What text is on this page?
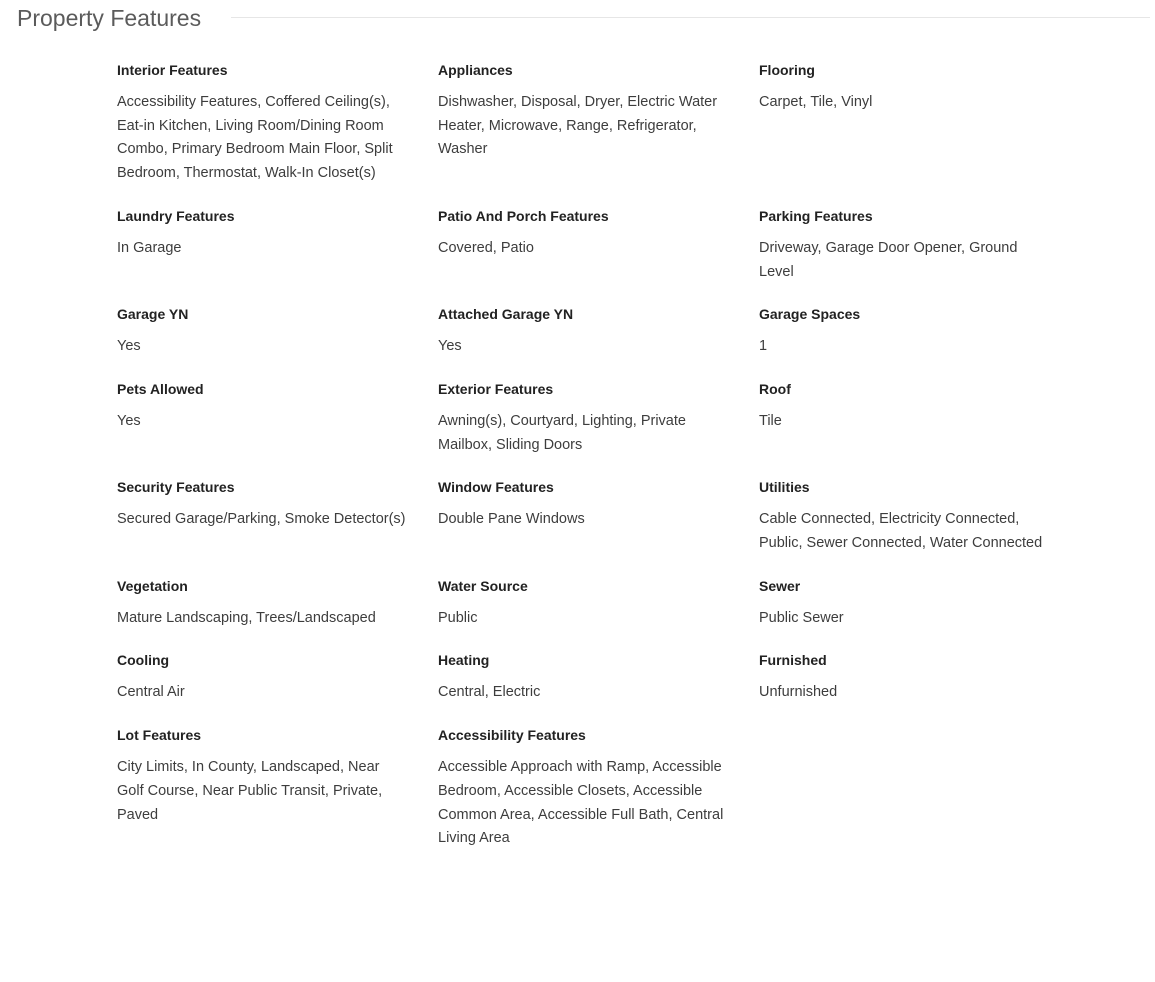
Property Features
Interior Features
Accessibility Features, Coffered Ceiling(s), Eat-in Kitchen, Living Room/Dining Room Combo, Primary Bedroom Main Floor, Split Bedroom, Thermostat, Walk-In Closet(s)
Appliances
Dishwasher, Disposal, Dryer, Electric Water Heater, Microwave, Range, Refrigerator, Washer
Flooring
Carpet, Tile, Vinyl
Laundry Features
In Garage
Patio And Porch Features
Covered, Patio
Parking Features
Driveway, Garage Door Opener, Ground Level
Garage YN
Yes
Attached Garage YN
Yes
Garage Spaces
1
Pets Allowed
Yes
Exterior Features
Awning(s), Courtyard, Lighting, Private Mailbox, Sliding Doors
Roof
Tile
Security Features
Secured Garage/Parking, Smoke Detector(s)
Window Features
Double Pane Windows
Utilities
Cable Connected, Electricity Connected, Public, Sewer Connected, Water Connected
Vegetation
Mature Landscaping, Trees/Landscaped
Water Source
Public
Sewer
Public Sewer
Cooling
Central Air
Heating
Central, Electric
Furnished
Unfurnished
Lot Features
City Limits, In County, Landscaped, Near Golf Course, Near Public Transit, Private, Paved
Accessibility Features
Accessible Approach with Ramp, Accessible Bedroom, Accessible Closets, Accessible Common Area, Accessible Full Bath, Central Living Area
